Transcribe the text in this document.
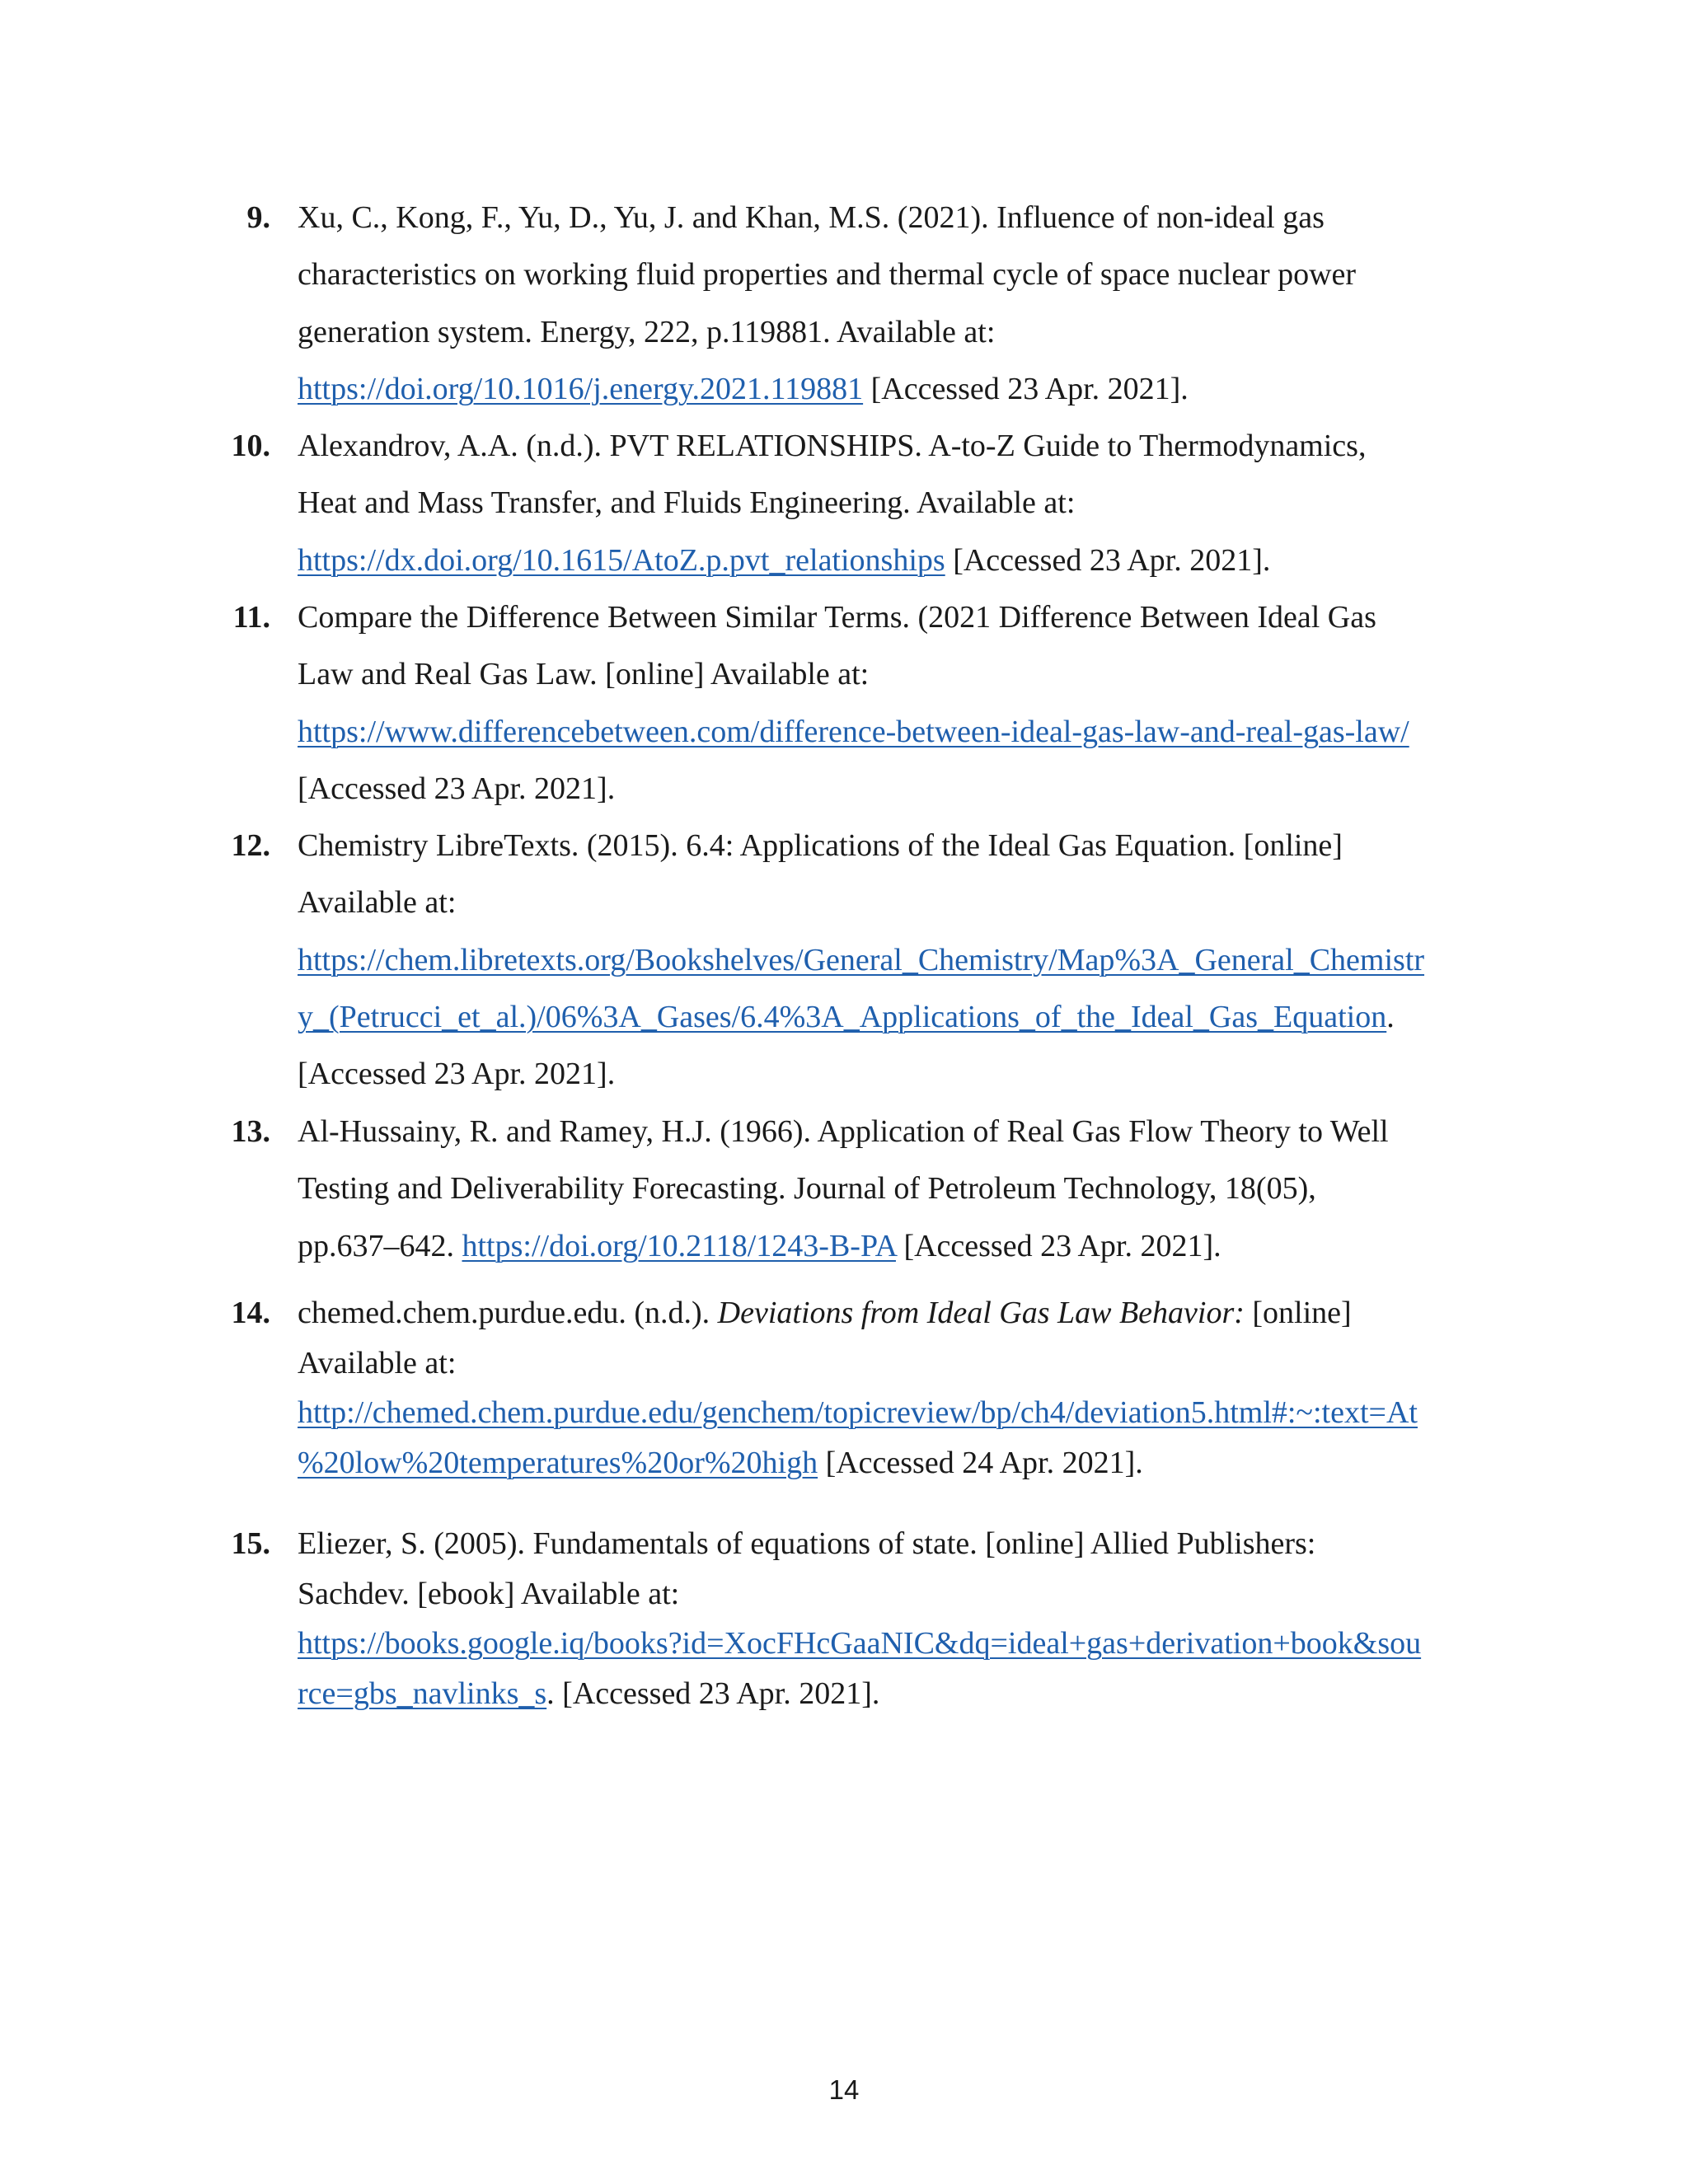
9. Xu, C., Kong, F., Yu, D., Yu, J. and Khan, M.S. (2021). Influence of non-ideal gas
characteristics on working fluid properties and thermal cycle of space nuclear power
generation system. Energy, 222, p.119881. Available at:
https://doi.org/10.1016/j.energy.2021.119881 [Accessed 23 Apr. 2021].
10. Alexandrov, A.A. (n.d.). PVT RELATIONSHIPS. A-to-Z Guide to Thermodynamics,
Heat and Mass Transfer, and Fluids Engineering. Available at:
https://dx.doi.org/10.1615/AtoZ.p.pvt_relationships [Accessed 23 Apr. 2021].
11. Compare the Difference Between Similar Terms. (2021 Difference Between Ideal Gas
Law and Real Gas Law. [online] Available at:
https://www.differencebetween.com/difference-between-ideal-gas-law-and-real-gas-law/
[Accessed 23 Apr. 2021].
12. Chemistry LibreTexts. (2015). 6.4: Applications of the Ideal Gas Equation. [online]
Available at:
https://chem.libretexts.org/Bookshelves/General_Chemistry/Map%3A_General_Chemistr
y_(Petrucci_et_al.)/06%3A_Gases/6.4%3A_Applications_of_the_Ideal_Gas_Equation.
[Accessed 23 Apr. 2021].
13. Al-Hussainy, R. and Ramey, H.J. (1966). Application of Real Gas Flow Theory to Well
Testing and Deliverability Forecasting. Journal of Petroleum Technology, 18(05),
pp.637–642. https://doi.org/10.2118/1243-B-PA [Accessed 23 Apr. 2021].
14. chemed.chem.purdue.edu. (n.d.). Deviations from Ideal Gas Law Behavior: [online]
Available at:
http://chemed.chem.purdue.edu/genchem/topicreview/bp/ch4/deviation5.html#:~:text=At
%20low%20temperatures%20or%20high [Accessed 24 Apr. 2021].
15. Eliezer, S. (2005). Fundamentals of equations of state. [online] Allied Publishers:
Sachdev. [ebook] Available at:
https://books.google.iq/books?id=XocFHcGaaNIC&dq=ideal+gas+derivation+book&sou
rce=gbs_navlinks_s. [Accessed 23 Apr. 2021].
14
